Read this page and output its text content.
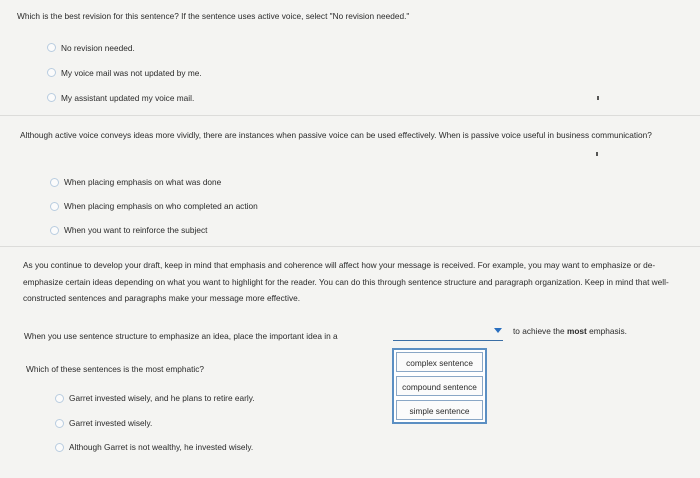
Which is the best revision for this sentence? If the sentence uses active voice, select "No revision needed."
No revision needed.
My voice mail was not updated by me.
My assistant updated my voice mail.
Although active voice conveys ideas more vividly, there are instances when passive voice can be used effectively. When is passive voice useful in business communication?
When placing emphasis on what was done
When placing emphasis on who completed an action
When you want to reinforce the subject
As you continue to develop your draft, keep in mind that emphasis and coherence will affect how your message is received. For example, you may want to emphasize or de-emphasize certain ideas depending on what you want to highlight for the reader. You can do this through sentence structure and paragraph organization. Keep in mind that well-constructed sentences and paragraphs make your message more effective.
When you use sentence structure to emphasize an idea, place the important idea in a	to achieve the most emphasis.
complex sentence
compound sentence
simple sentence
Which of these sentences is the most emphatic?
Garret invested wisely, and he plans to retire early.
Garret invested wisely.
Although Garret is not wealthy, he invested wisely.
